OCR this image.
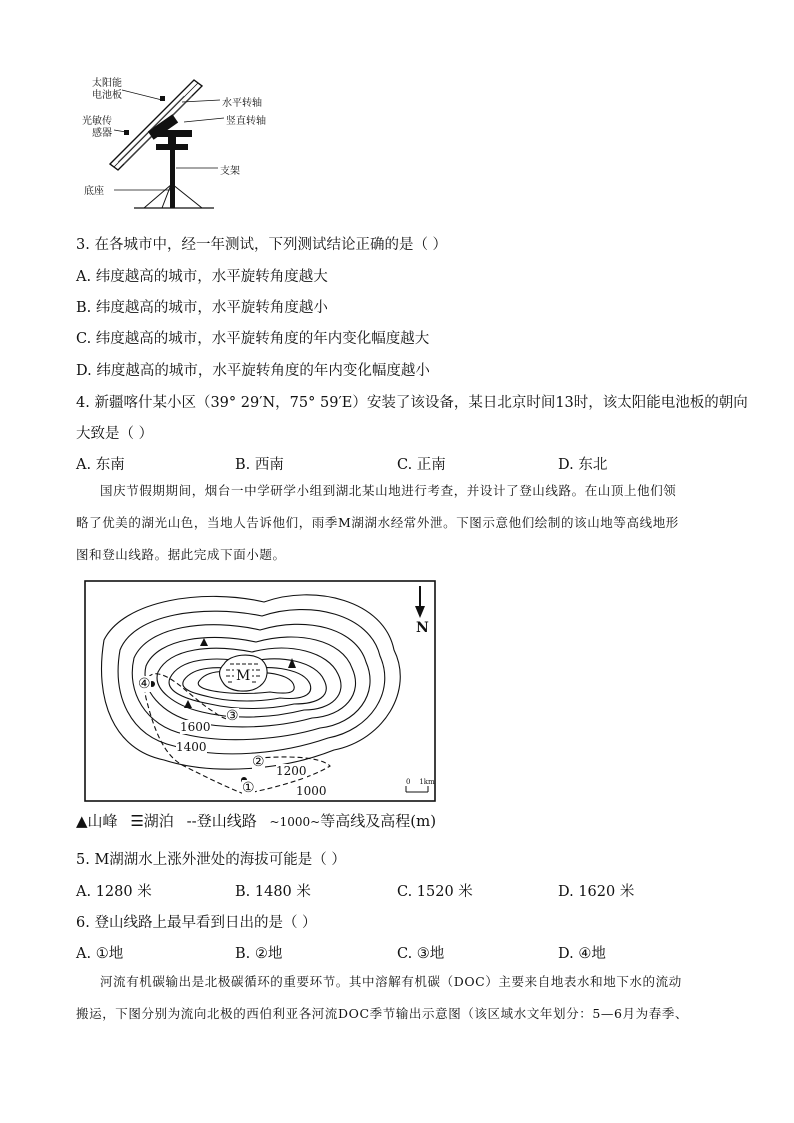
太阳能
电池板
光敏传
感器
底座
水平转轴
竖直转轴
支架
3. 在各城市中，经一年测试，下列测试结论正确的是（ ）
A. 纬度越高的城市，水平旋转角度越大
B. 纬度越高的城市，水平旋转角度越小
C. 纬度越高的城市，水平旋转角度的年内变化幅度越大
D. 纬度越高的城市，水平旋转角度的年内变化幅度越小
4. 新疆喀什某小区（39° 29′N，75° 59′E）安装了该设备，某日北京时间13时，该太阳能电池板的朝向
大致是（ ）
A. 东南	B. 西南	C. 正南	D. 东北
国庆节假期期间，烟台一中学研学小组到湖北某山地进行考查，并设计了登山线路。在山顶上他们领
略了优美的湖光山色，当地人告诉他们，雨季M湖湖水经常外泄。下图示意他们绘制的该山地等高线地形
图和登山线路。据此完成下面小题。
N
M
1600
1400
1200
1000
①
②
③
④
0    1km
▲山峰 ☰湖泊 --登山线路 ~1000~等高线及高程(m)
5. M湖湖水上涨外泄处的海拔可能是（ ）
A. 1280 米	B. 1480 米	C. 1520 米	D. 1620 米
6. 登山线路上最早看到日出的是（ ）
A. ①地	B. ②地	C. ③地	D. ④地
河流有机碳输出是北极碳循环的重要环节。其中溶解有机碳（DOC）主要来自地表水和地下水的流动
搬运，下图分别为流向北极的西伯利亚各河流DOC季节输出示意图（该区域水文年划分：5—6月为春季、
